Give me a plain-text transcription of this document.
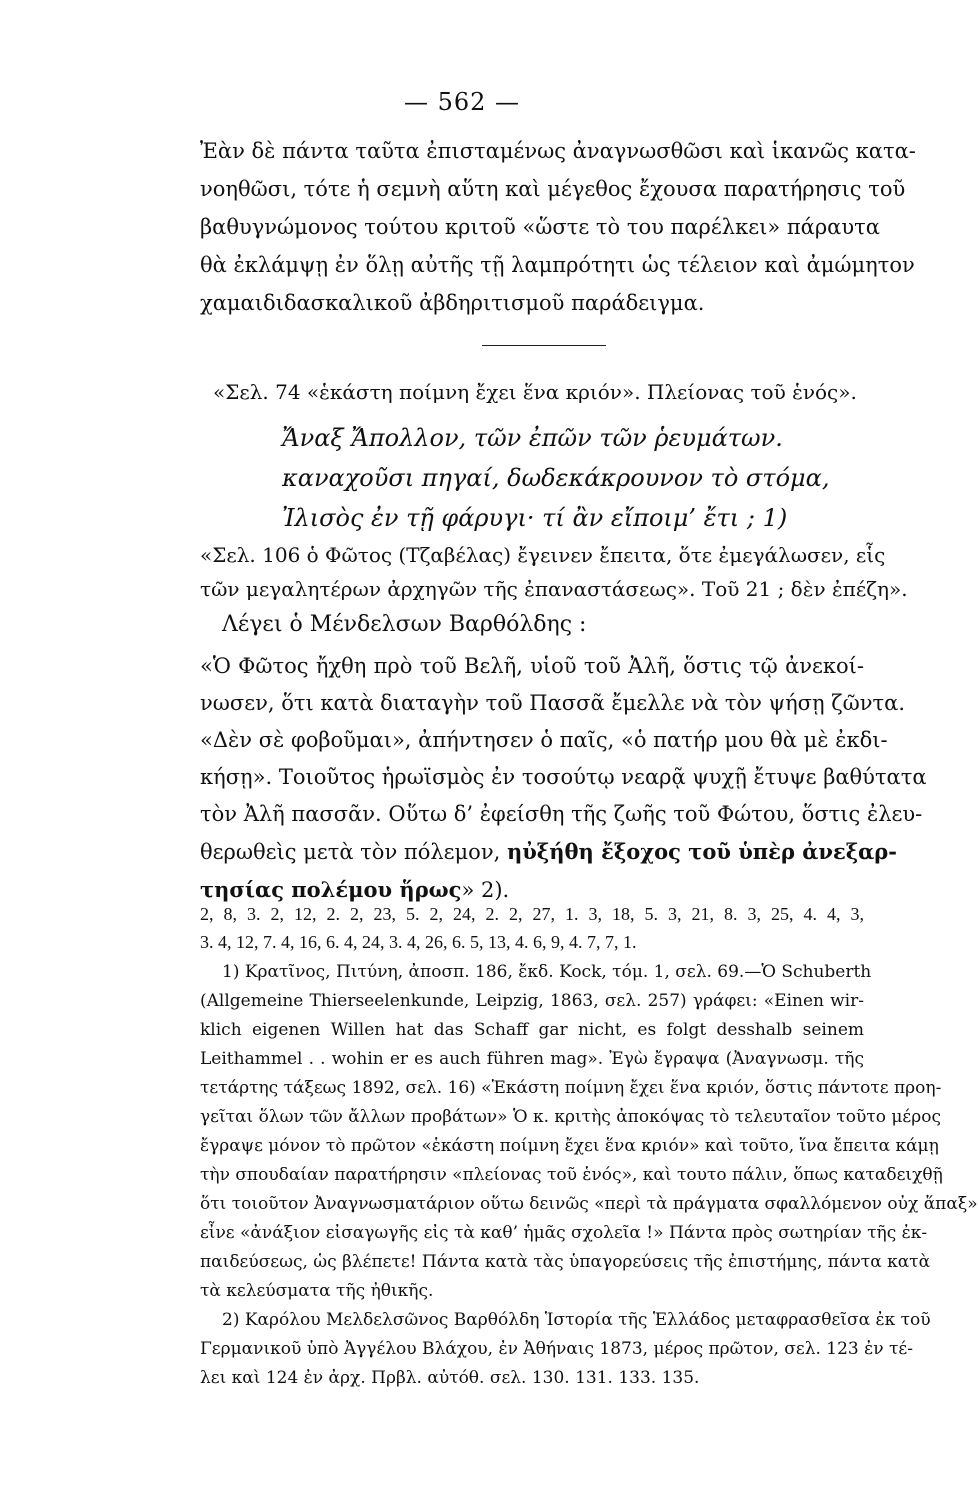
— 562 —
Ἐὰν δὲ πάντα ταῦτα ἐπισταμένως ἀναγνωσθῶσι καὶ ἱκανῶς κατα-
νοηθῶσι, τότε ἡ σεμνὴ αὕτη καὶ μέγεθος ἔχουσα παρατήρησις τοῦ
βαθυγνώμονος τούτου κριτοῦ «ὥστε τὸ του παρέλκει» πάραυτα
θὰ ἐκλάμψῃ ἐν ὅλῃ αὐτῆς τῇ λαμπρότητι ὡς τέλειον καὶ ἀμώμητον
χαμαιδιδασκαλικοῦ ἀβδηριτισμοῦ παράδειγμα.
«Σελ. 74 «ἑκάστη ποίμνη ἔχει ἕνα κριόν». Πλείονας τοῦ ἑνός».
Ἄναξ Ἄπολλον, τῶν ἐπῶν τῶν ῥευμάτων.
καναχοῦσι πηγαί, δωδεκάκρουνον τὸ στόμα,
Ἰλισὸς ἐν τῇ φάρυγι· τί ἂν εἴποιμ’ ἔτι ; 1)
«Σελ. 106 ὁ Φῶτος (Τζαβέλας) ἔγεινεν ἔπειτα, ὅτε ἐμεγάλωσεν, εἷς
τῶν μεγαλητέρων ἀρχηγῶν τῆς ἐπαναστάσεως». Τοῦ 21 ; δὲν ἐπέζη».
Λέγει ὁ Μένδελσων Βαρθόλδης :
«Ὁ Φῶτος ἤχθη πρὸ τοῦ Βελῆ, υἱοῦ τοῦ Ἀλῆ, ὅστις τῷ ἀνεκοί-
νωσεν, ὅτι κατὰ διαταγὴν τοῦ Πασσᾶ ἔμελλε νὰ τὸν ψήσῃ ζῶντα.
«Δὲν σὲ φοβοῦμαι», ἀπήντησεν ὁ παῖς, «ὁ πατήρ μου θὰ μὲ ἐκδι-
κήσῃ». Τοιοῦτος ἡρωϊσμὸς ἐν τοσούτῳ νεαρᾷ ψυχῇ ἔτυψε βαθύτατα
τὸν Ἀλῆ πασσᾶν. Οὕτω δ’ ἐφείσθη τῆς ζωῆς τοῦ Φώτου, ὅστις ἐλευ-
θερωθεὶς μετὰ τὸν πόλεμον, ηὐξήθη ἔξοχος τοῦ ὑπὲρ ἀνεξαρ-
τησίας πολέμου ἥρως» 2).
2, 8, 3. 2, 12, 2. 2, 23, 5. 2, 24, 2. 2, 27, 1. 3, 18, 5. 3, 21, 8. 3, 25, 4. 4, 3,
3. 4, 12, 7. 4, 16, 6. 4, 24, 3. 4, 26, 6. 5, 13, 4. 6, 9, 4. 7, 7, 1.
1) Κρατῖνος, Πιτύνη, ἀποσπ. 186, ἔκδ. Kock, τόμ. 1, σελ. 69.—Ὁ Schuberth
(Allgemeine Thierseelenkunde, Leipzig, 1863, σελ. 257) γράφει: «Einen wir-
klich eigenen Willen hat das Schaff gar nicht, es folgt desshalb seinem
Leithammel . . wohin er es auch führen mag». Ἐγὼ ἔγραψα (Ἀναγνωσμ. τῆς
τετάρτης τάξεως 1892, σελ. 16) «Ἑκάστη ποίμνη ἔχει ἕνα κριόν, ὅστις πάντοτε προη-
γεῖται ὅλων τῶν ἄλλων προβάτων» Ὁ κ. κριτὴς ἀποκόψας τὸ τελευταῖον τοῦτο μέρος
ἔγραψε μόνον τὸ πρῶτον «ἑκάστη ποίμνη ἔχει ἕνα κριόν» καὶ τοῦτο, ἵνα ἔπειτα κάμῃ
τὴν σπουδαίαν παρατήρησιν «πλείονας τοῦ ἑνός», καὶ τουτο πάλιν, ὅπως καταδειχθῇ
ὅτι τοιοῦτον Ἀναγνωσματάριον οὕτω δεινῶς «περὶ τὰ πράγματα σφαλλόμενον οὐχ ἅπαξ»
εἶνε «ἀνάξιον εἰσαγωγῆς εἰς τὰ καθ’ ἡμᾶς σχολεῖα !» Πάντα πρὸς σωτηρίαν τῆς ἐκ-
παιδεύσεως, ὡς βλέπετε! Πάντα κατὰ τὰς ὑπαγορεύσεις τῆς ἐπιστήμης, πάντα κατὰ
τὰ κελεύσματα τῆς ἠθικῆς.
2) Καρόλου Μελδελσῶνος Βαρθόλδη Ἱστορία τῆς Ἑλλάδος μεταφρασθεῖσα ἐκ τοῦ
Γερμανικοῦ ὑπὸ Ἀγγέλου Βλάχου, ἐν Ἀθήναις 1873, μέρος πρῶτον, σελ. 123 ἐν τέ-
λει καὶ 124 ἐν ἀρχ. Πρβλ. αὐτόθ. σελ. 130. 131. 133. 135.
